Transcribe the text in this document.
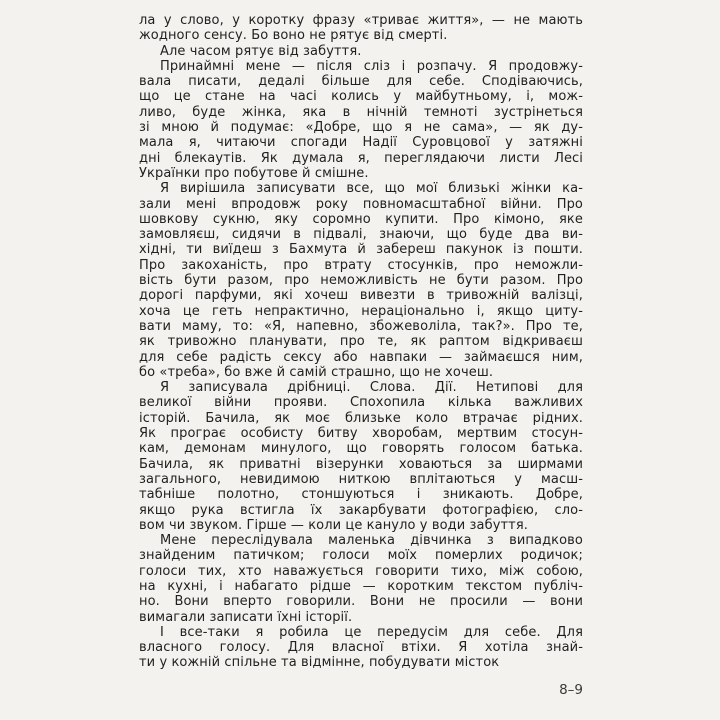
ла у слово, у коротку фразу «триває життя», — не мають
жодного сенсу. Бо воно не рятує від смерті.
Але часом рятує від забуття.
Принаймні мене — після сліз і розпачу. Я продовжу-
вала писати, дедалі більше для себе. Сподіваючись,
що це стане на часі колись у майбутньому, і, мож-
ливо, буде жінка, яка в нічній темноті зустрінеться
зі мною й подумає: «Добре, що я не сама», — як ду-
мала я, читаючи спогади Надії Суровцової у затяжні
дні блекаутів. Як думала я, переглядаючи листи Лесі
Українки про побутове й смішне.
Я вирішила записувати все, що мої близькі жінки ка-
зали мені впродовж року повномасштабної війни. Про
шовкову сукню, яку соромно купити. Про кімоно, яке
замовляєш, сидячи в підвалі, знаючи, що буде два ви-
хідні, ти виїдеш з Бахмута й забереш пакунок із пошти.
Про закоханість, про втрату стосунків, про неможли-
вість бути разом, про неможливість не бути разом. Про
дорогі парфуми, які хочеш вивезти в тривожній валізці,
хоча це геть непрактично, нераціонально і, якщо циту-
вати маму, то: «Я, напевно, збожеволіла, так?». Про те,
як тривожно планувати, про те, як раптом відкриваєш
для себе радість сексу або навпаки — займаєшся ним,
бо «треба», бо вже й самій страшно, що не хочеш.
Я записувала дрібниці. Слова. Дії. Нетипові для
великої війни прояви. Спохопила кілька важливих
історій. Бачила, як моє близьке коло втрачає рідних.
Як програє особисту битву хворобам, мертвим стосун-
кам, демонам минулого, що говорять голосом батька.
Бачила, як приватні візерунки ховаються за ширмами
загального, невидимою ниткою вплітаються у масш-
табніше полотно, стоншуються і зникають. Добре,
якщо рука встигла їх закарбувати фотографією, сло-
вом чи звуком. Гірше — коли це кануло у води забуття.
Мене переслідувала маленька дівчинка з випадково
знайденим патичком; голоси моїх померлих родичок;
голоси тих, хто наважується говорити тихо, між собою,
на кухні, і набагато рідше — коротким текстом публіч-
но. Вони вперто говорили. Вони не просили — вони
вимагали записати їхні історії.
І все-таки я робила це передусім для себе. Для
власного голосу. Для власної втіхи. Я хотіла знай-
ти у кожній спільне та відмінне, побудувати місток
8–9
